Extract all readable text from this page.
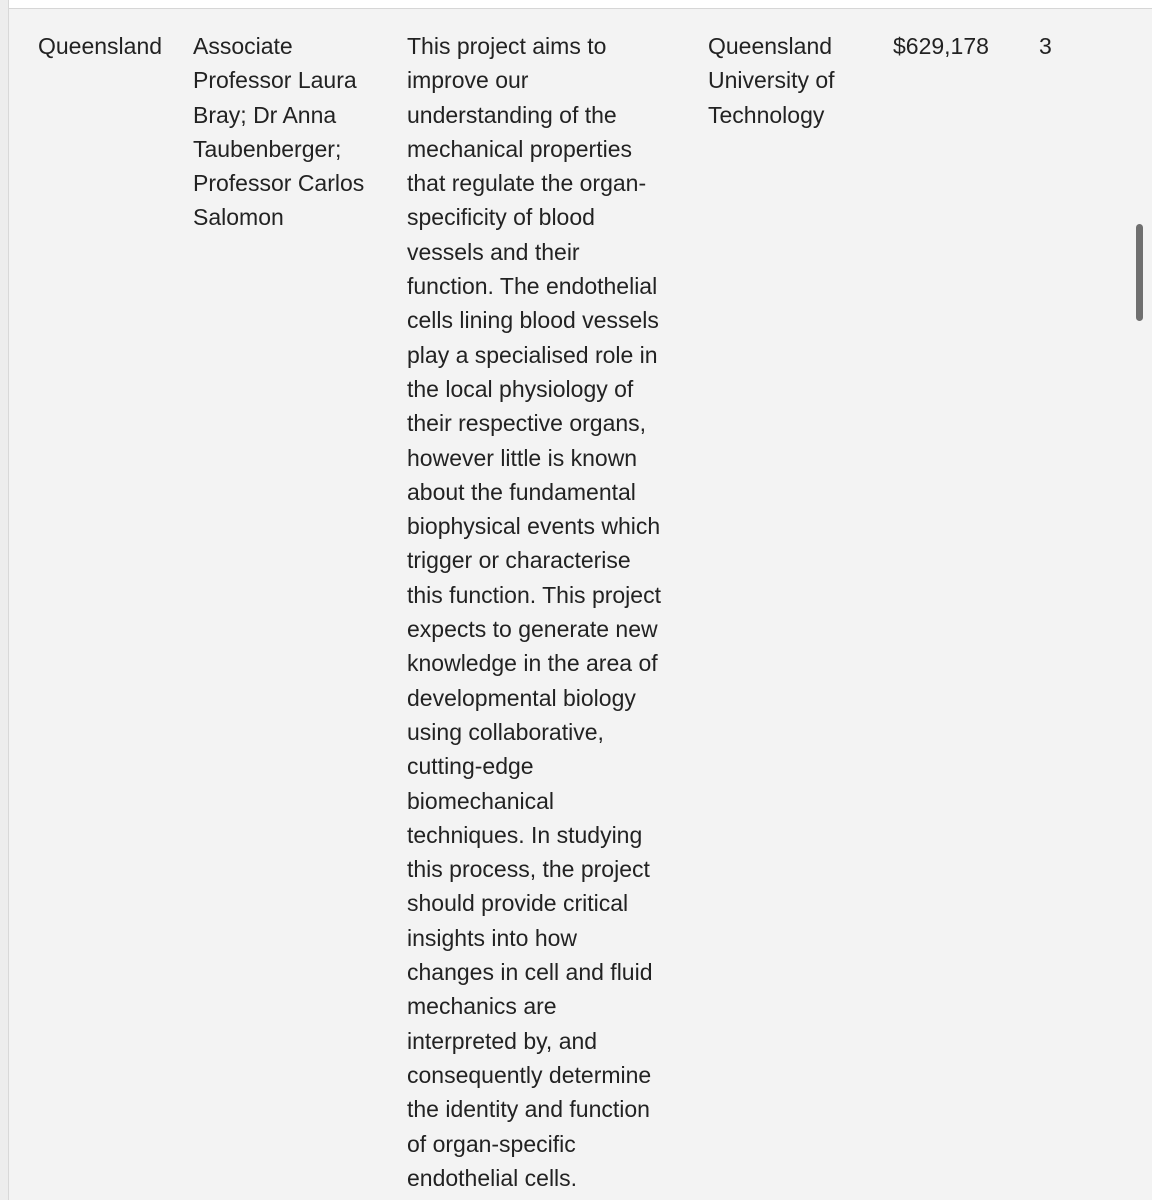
Queensland	Associate
Professor Laura
Bray; Dr Anna
Taubenberger;
Professor Carlos
Salomon
This project aims to
improve our
understanding of the
mechanical properties
that regulate the organ-
specificity of blood
vessels and their
function. The endothelial
cells lining blood vessels
play a specialised role in
the local physiology of
their respective organs,
however little is known
about the fundamental
biophysical events which
trigger or characterise
this function. This project
expects to generate new
knowledge in the area of
developmental biology
using collaborative,
cutting-edge
biomechanical
techniques. In studying
this process, the project
should provide critical
insights into how
changes in cell and fluid
mechanics are
interpreted by, and
consequently determine
the identity and function
of organ-specific
endothelial cells.
Queensland
University of
Technology
$629,178	3
